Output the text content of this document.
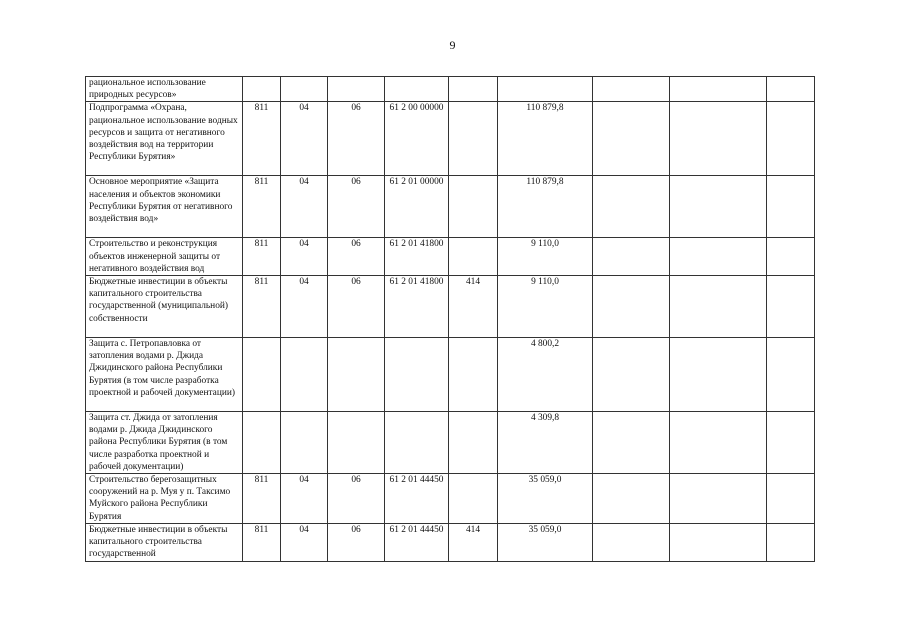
9
рациональное использование природных ресурсов»									
Подпрограмма «Охрана, рациональное использование водных ресурсов и защита от негативного воздействия вод на территории Республики Бурятия»	811	04	06	61 2 00 00000		110 879,8			
Основное мероприятие «Защита населения и объектов экономики Республики Бурятия от негативного воздействия вод»	811	04	06	61 2 01 00000		110 879,8			
Строительство и реконструкция объектов инженерной защиты от негативного воздействия вод	811	04	06	61 2 01 41800		9 110,0			
Бюджетные инвестиции в объекты капитального строительства государственной (муниципальной) собственности	811	04	06	61 2 01 41800	414	9 110,0			
Защита с. Петропавловка от затопления водами р. Джида Джидинского района Республики Бурятия (в том числе разработка проектной и рабочей документации)						4 800,2			
Защита ст. Джида от затопления водами р. Джида Джидинского района Республики Бурятия (в том числе разработка проектной и рабочей документации)						4 309,8			
Строительство берегозащитных сооружений на р. Муя у п. Таксимо Муйского района Республики Бурятия	811	04	06	61 2 01 44450		35 059,0			
Бюджетные инвестиции в объекты капитального строительства государственной	811	04	06	61 2 01 44450	414	35 059,0			
